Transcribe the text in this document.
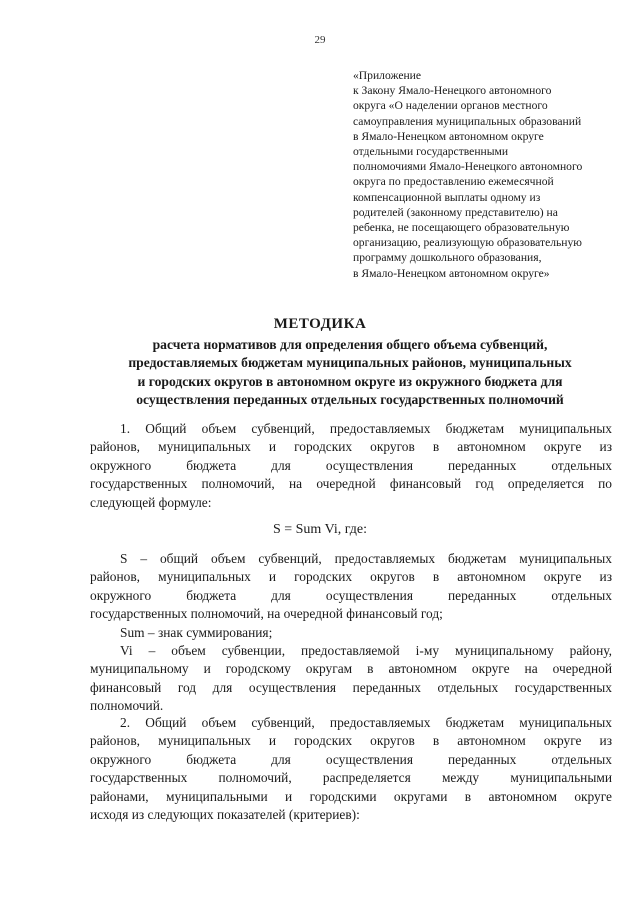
29
«Приложение
к Закону Ямало-Ненецкого автономного
округа «О наделении органов местного
самоуправления муниципальных образований
в Ямало-Ненецком автономном округе
отдельными государственными
полномочиями Ямало-Ненецкого автономного
округа по предоставлению ежемесячной
компенсационной выплаты одному из
родителей (законному представителю) на
ребенка, не посещающего образовательную
организацию, реализующую образовательную
программу дошкольного образования,
в Ямало-Ненецком автономном округе»
МЕТОДИКА
расчета нормативов для определения общего объема субвенций,
предоставляемых бюджетам муниципальных районов, муниципальных
и городских округов в автономном округе из окружного бюджета для
осуществления переданных отдельных государственных полномочий
1. Общий объем субвенций, предоставляемых бюджетам муниципальных
районов, муниципальных и городских округов в автономном округе из
окружного бюджета для осуществления переданных отдельных
государственных полномочий, на очередной финансовый год определяется по
следующей формуле:
S = Sum Vi, где:
S – общий объем субвенций, предоставляемых бюджетам муниципальных
районов, муниципальных и городских округов в автономном округе из
окружного бюджета для осуществления переданных отдельных
государственных полномочий, на очередной финансовый год;
Sum – знак суммирования;
Vi – объем субвенции, предоставляемой i-му муниципальному району,
муниципальному и городскому округам в автономном округе на очередной
финансовый год для осуществления переданных отдельных государственных
полномочий.
2. Общий объем субвенций, предоставляемых бюджетам муниципальных
районов, муниципальных и городских округов в автономном округе из
окружного бюджета для осуществления переданных отдельных
государственных полномочий, распределяется между муниципальными
районами, муниципальными и городскими округами в автономном округе
исходя из следующих показателей (критериев):
